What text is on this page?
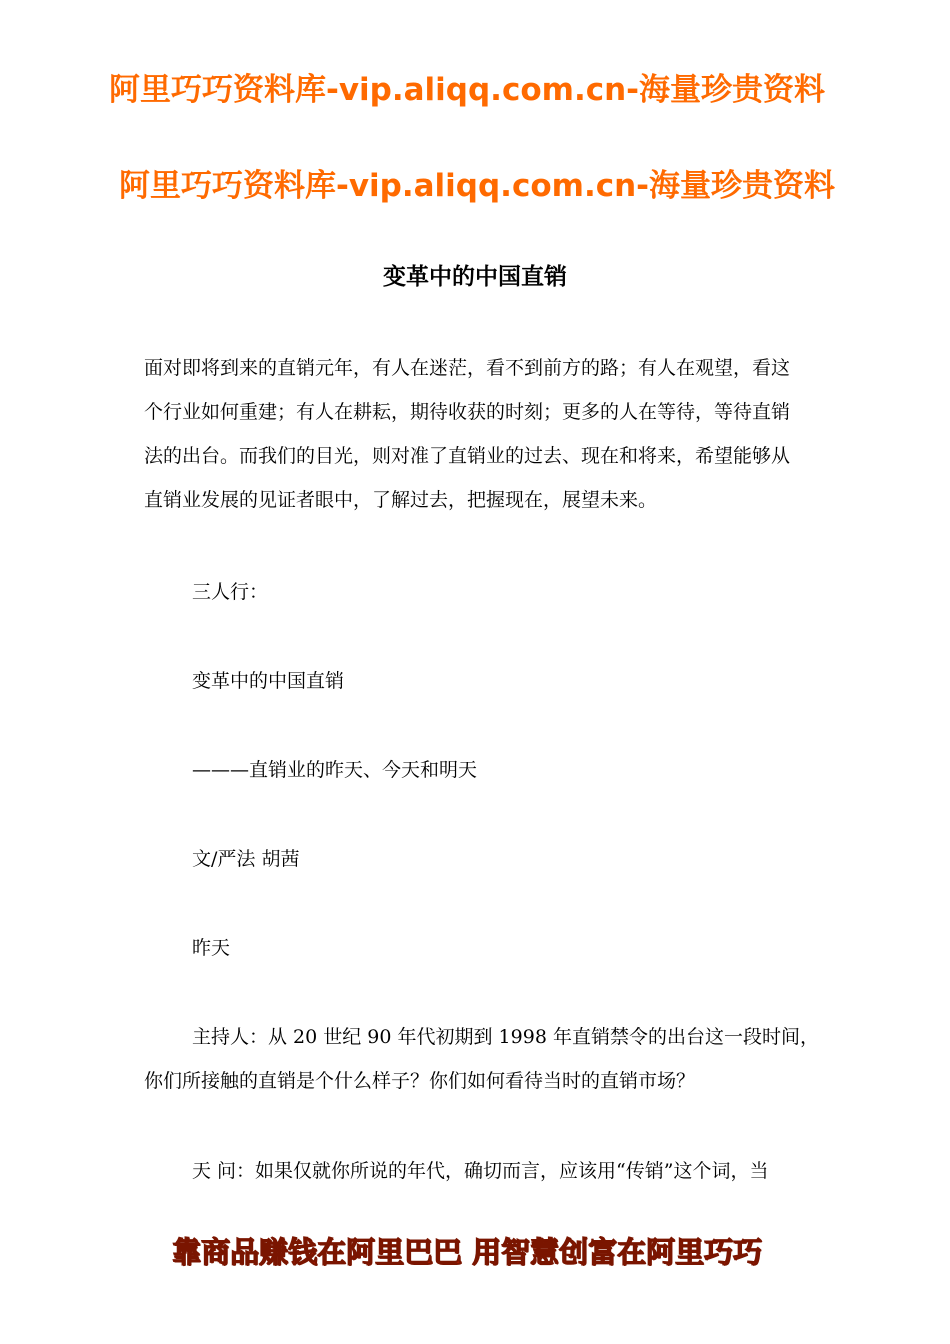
阿里巧巧资料库-vip.aliqq.com.cn-海量珍贵资料
阿里巧巧资料库-vip.aliqq.com.cn-海量珍贵资料
变革中的中国直销
面对即将到来的直销元年，有人在迷茫，看不到前方的路；有人在观望，看这
个行业如何重建；有人在耕耘，期待收获的时刻；更多的人在等待，等待直销
法的出台。而我们的目光，则对准了直销业的过去、现在和将来，希望能够从
直销业发展的见证者眼中，了解过去，把握现在，展望未来。
三人行：
变革中的中国直销
———直销业的昨天、今天和明天
文/严法 胡茜
昨天
主持人：从 20 世纪 90 年代初期到 1998 年直销禁令的出台这一段时间，
你们所接触的直销是个什么样子？你们如何看待当时的直销市场？
天 问：如果仅就你所说的年代，确切而言，应该用“传销”这个词，当
靠商品赚钱在阿里巴巴 用智慧创富在阿里巧巧
